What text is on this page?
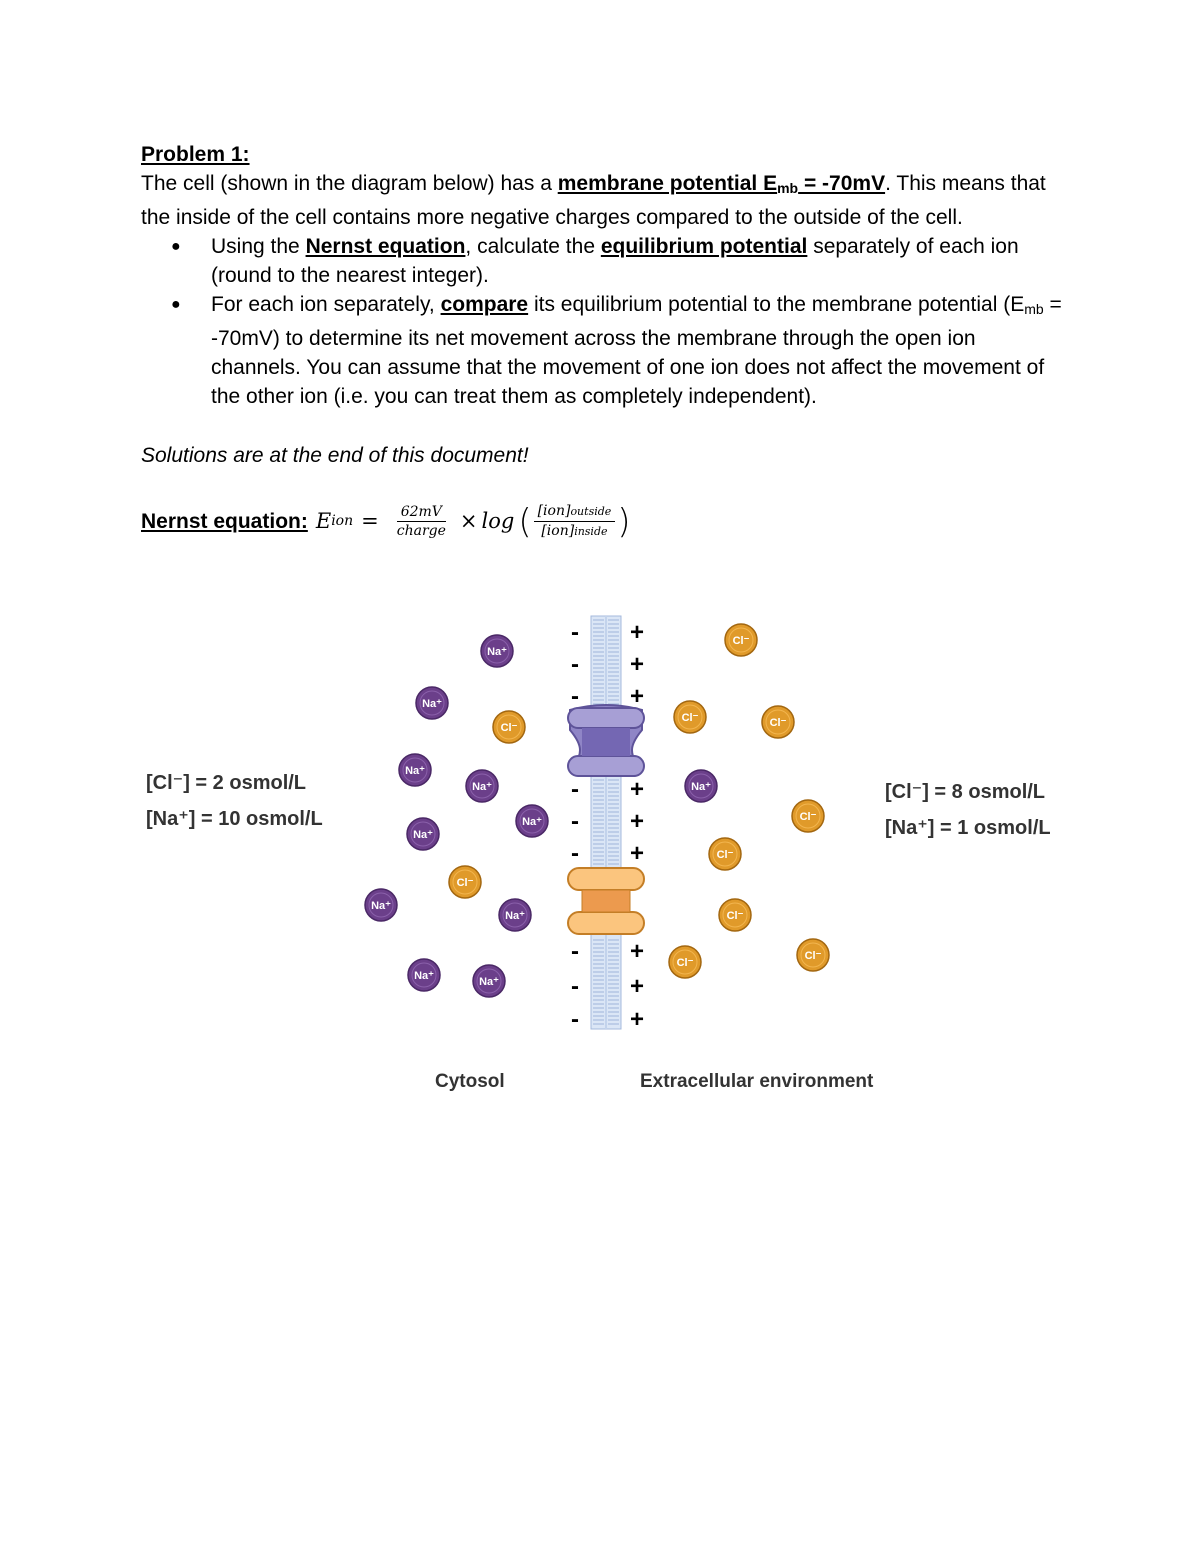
Problem 1:
The cell (shown in the diagram below) has a membrane potential $E_{mb} = -70mV$. This means that the inside of the cell contains more negative charges compared to the outside of the cell.
● Using the Nernst equation, calculate the equilibrium potential separately of each ion (round to the nearest integer).
● For each ion separately, compare its equilibrium potential to the membrane potential $(E_{mb} = -70mV)$ to determine its net movement across the membrane through the open ion channels. You can assume that the movement of one ion does not affect the movement of the other ion (i.e. you can treat them as completely independent).
Solutions are at the end of this document!
Nernst equation: E ion = $\frac{62mV}{\text{charge}} \times \log$ ( $\frac{\text{[ion]outside}}{\text{[ion]inside}}$ )
-
-
-
-
-
-
-
-
-
+
+
+
+
+
+
+
+
+
Na⁺
Na⁺
Cl⁻
Na⁺
Na⁺
Na⁺
Na⁺
Cl⁻
Na⁺
Na⁺
Na⁺	Na⁺
Cl⁻
Cl⁻	Cl⁻
Na⁺
Cl⁻
Cl⁻
Cl⁻
Cl⁻
Cl⁻
[Cl⁻] = 2 osmol/L
[Na⁺] = 10 osmol/L
[Cl⁻] = 8 osmol/L
[Na⁺] = 1 osmol/L
Cytosol	Extracellular environment
